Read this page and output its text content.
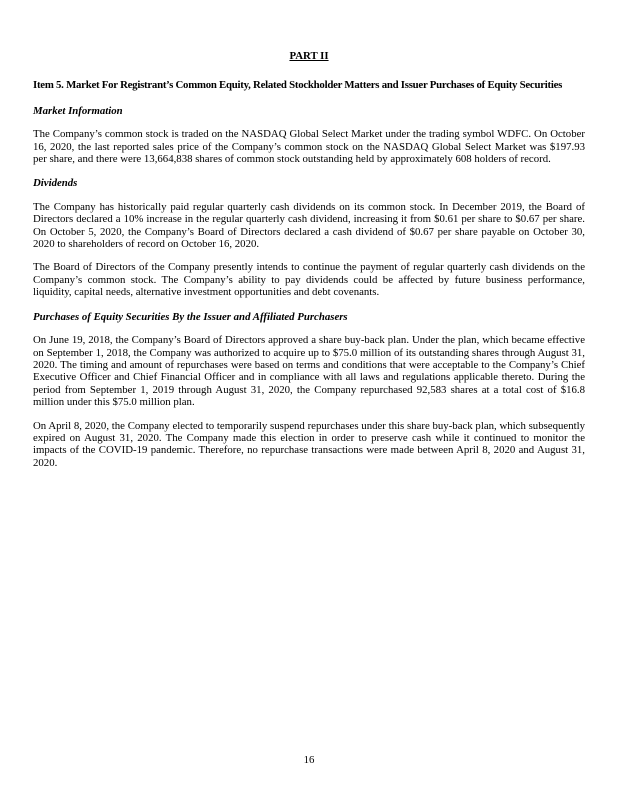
PART II
Item 5. Market For Registrant’s Common Equity, Related Stockholder Matters and Issuer Purchases of Equity Securities
Market Information

The Company’s common stock is traded on the NASDAQ Global Select Market under the trading symbol WDFC. On October 16, 2020, the last reported sales price of the Company’s common stock on the NASDAQ Global Select Market was $197.93 per share, and there were 13,664,838 shares of common stock outstanding held by approximately 608 holders of record.

Dividends

The Company has historically paid regular quarterly cash dividends on its common stock. In December 2019, the Board of Directors declared a 10% increase in the regular quarterly cash dividend, increasing it from $0.61 per share to $0.67 per share. On October 5, 2020, the Company’s Board of Directors declared a cash dividend of $0.67 per share payable on October 30, 2020 to shareholders of record on October 16, 2020.

The Board of Directors of the Company presently intends to continue the payment of regular quarterly cash dividends on the Company’s common stock. The Company’s ability to pay dividends could be affected by future business performance, liquidity, capital needs, alternative investment opportunities and debt covenants.

Purchases of Equity Securities By the Issuer and Affiliated Purchasers

On June 19, 2018, the Company’s Board of Directors approved a share buy-back plan. Under the plan, which became effective on September 1, 2018, the Company was authorized to acquire up to $75.0 million of its outstanding shares through August 31, 2020. The timing and amount of repurchases were based on terms and conditions that were acceptable to the Company’s Chief Executive Officer and Chief Financial Officer and in compliance with all laws and regulations applicable thereto. During the period from September 1, 2019 through August 31, 2020, the Company repurchased 92,583 shares at a total cost of $16.8 million under this $75.0 million plan.

On April 8, 2020, the Company elected to temporarily suspend repurchases under this share buy-back plan, which subsequently expired on August 31, 2020. The Company made this election in order to preserve cash while it continued to monitor the impacts of the COVID-19 pandemic. Therefore, no repurchase transactions were made between April 8, 2020 and August 31, 2020.

16
